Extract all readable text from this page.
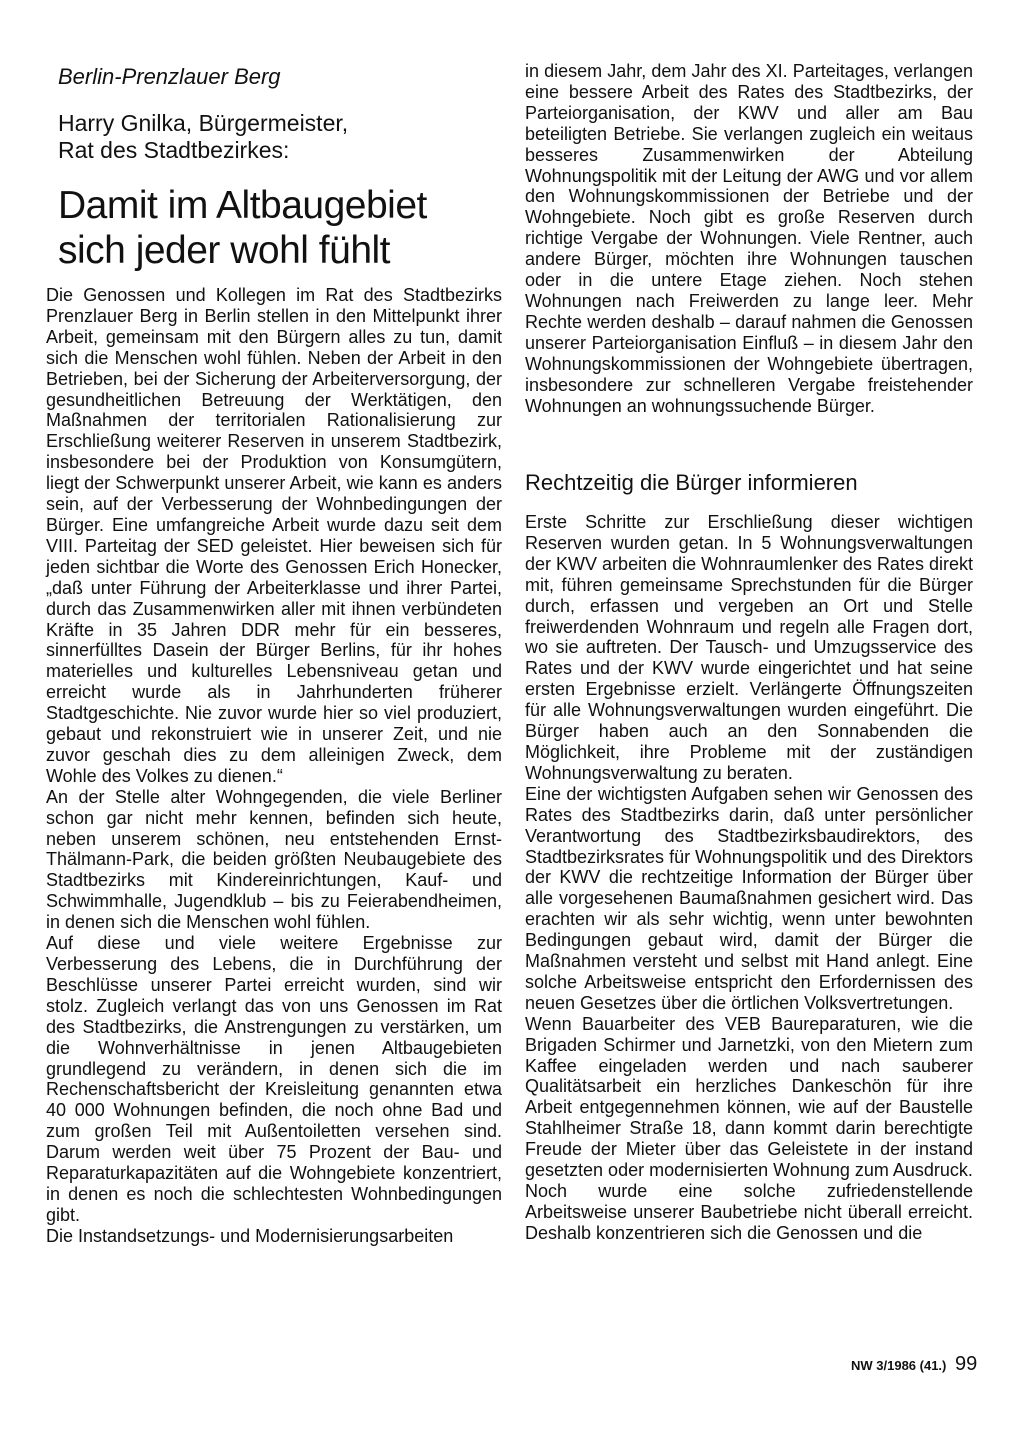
Berlin-Prenzlauer Berg
Harry Gnilka, Bürgermeister,
Rat des Stadtbezirkes:
Damit im Altbaugebiet
sich jeder wohl fühlt

Die Genossen und Kollegen im Rat des Stadtbezirks Prenzlauer Berg in Berlin stellen in den Mittelpunkt ihrer Arbeit, gemeinsam mit den Bürgern alles zu tun, damit sich die Menschen wohl fühlen. Neben der Arbeit in den Betrieben, bei der Sicherung der Arbeiterversorgung, der gesundheitlichen Betreuung der Werktätigen, den Maßnahmen der territorialen Rationalisierung zur Erschließung weiterer Reserven in unserem Stadtbezirk, insbesondere bei der Produktion von Konsumgütern, liegt der Schwerpunkt unserer Arbeit, wie kann es anders sein, auf der Verbesserung der Wohnbedingungen der Bürger. Eine umfangreiche Arbeit wurde dazu seit dem VIII. Parteitag der SED geleistet. Hier beweisen sich für jeden sichtbar die Worte des Genossen Erich Honecker, „daß unter Führung der Arbeiterklasse und ihrer Partei, durch das Zusammenwirken aller mit ihnen verbündeten Kräfte in 35 Jahren DDR mehr für ein besseres, sinnerfülltes Dasein der Bürger Berlins, für ihr hohes materielles und kulturelles Lebensniveau getan und erreicht wurde als in Jahrhunderten früherer Stadtgeschichte. Nie zuvor wurde hier so viel produziert, gebaut und rekonstruiert wie in unserer Zeit, und nie zuvor geschah dies zu dem alleinigen Zweck, dem Wohle des Volkes zu dienen.“

An der Stelle alter Wohngegenden, die viele Berliner schon gar nicht mehr kennen, befinden sich heute, neben unserem schönen, neu entstehenden Ernst-Thälmann-Park, die beiden größten Neubaugebiete des Stadtbezirks mit Kindereinrichtungen, Kauf- und Schwimmhalle, Jugendklub – bis zu Feierabendheimen, in denen sich die Menschen wohl fühlen.

Auf diese und viele weitere Ergebnisse zur Verbesserung des Lebens, die in Durchführung der Beschlüsse unserer Partei erreicht wurden, sind wir stolz. Zugleich verlangt das von uns Genossen im Rat des Stadtbezirks, die Anstrengungen zu verstärken, um die Wohnverhältnisse in jenen Altbaugebieten grundlegend zu verändern, in denen sich die im Rechenschaftsbericht der Kreisleitung genannten etwa 40 000 Wohnungen befinden, die noch ohne Bad und zum großen Teil mit Außentoiletten versehen sind. Darum werden weit über 75 Prozent der Bau- und Reparaturkapazitäten auf die Wohngebiete konzentriert, in denen es noch die schlechtesten Wohnbedingungen gibt.

Die Instandsetzungs- und Modernisierungsarbeiten

in diesem Jahr, dem Jahr des XI. Parteitages, verlangen eine bessere Arbeit des Rates des Stadtbezirks, der Parteiorganisation, der KWV und aller am Bau beteiligten Betriebe. Sie verlangen zugleich ein weitaus besseres Zusammenwirken der Abteilung Wohnungspolitik mit der Leitung der AWG und vor allem den Wohnungskommissionen der Betriebe und der Wohngebiete. Noch gibt es große Reserven durch richtige Vergabe der Wohnungen. Viele Rentner, auch andere Bürger, möchten ihre Wohnungen tauschen oder in die untere Etage ziehen. Noch stehen Wohnungen nach Freiwerden zu lange leer. Mehr Rechte werden deshalb – darauf nahmen die Genossen unserer Parteiorganisation Einfluß – in diesem Jahr den Wohnungskommissionen der Wohngebiete übertragen, insbesondere zur schnelleren Vergabe freistehender Wohnungen an wohnungssuchende Bürger.

Rechtzeitig die Bürger informieren

Erste Schritte zur Erschließung dieser wichtigen Reserven wurden getan. In 5 Wohnungsverwaltungen der KWV arbeiten die Wohnraumlenker des Rates direkt mit, führen gemeinsame Sprechstunden für die Bürger durch, erfassen und vergeben an Ort und Stelle freiwerdenden Wohnraum und regeln alle Fragen dort, wo sie auftreten. Der Tausch- und Umzugsservice des Rates und der KWV wurde eingerichtet und hat seine ersten Ergebnisse erzielt. Verlängerte Öffnungszeiten für alle Wohnungsverwaltungen wurden eingeführt. Die Bürger haben auch an den Sonnabenden die Möglichkeit, ihre Probleme mit der zuständigen Wohnungsverwaltung zu beraten.

Eine der wichtigsten Aufgaben sehen wir Genossen des Rates des Stadtbezirks darin, daß unter persönlicher Verantwortung des Stadtbezirksbaudirektors, des Stadtbezirksrates für Wohnungspolitik und des Direktors der KWV die rechtzeitige Information der Bürger über alle vorgesehenen Baumaßnahmen gesichert wird. Das erachten wir als sehr wichtig, wenn unter bewohnten Bedingungen gebaut wird, damit der Bürger die Maßnahmen versteht und selbst mit Hand anlegt. Eine solche Arbeitsweise entspricht den Erfordernissen des neuen Gesetzes über die örtlichen Volksvertretungen.

Wenn Bauarbeiter des VEB Baureparaturen, wie die Brigaden Schirmer und Jarnetzki, von den Mietern zum Kaffee eingeladen werden und nach sauberer Qualitätsarbeit ein herzliches Dankeschön für ihre Arbeit entgegennehmen können, wie auf der Baustelle Stahlheimer Straße 18, dann kommt darin berechtigte Freude der Mieter über das Geleistete in der instand gesetzten oder modernisierten Wohnung zum Ausdruck.

Noch wurde eine solche zufriedenstellende Arbeitsweise unserer Baubetriebe nicht überall erreicht. Deshalb konzentrieren sich die Genossen und die

NW 3/1986 (41.) 99
